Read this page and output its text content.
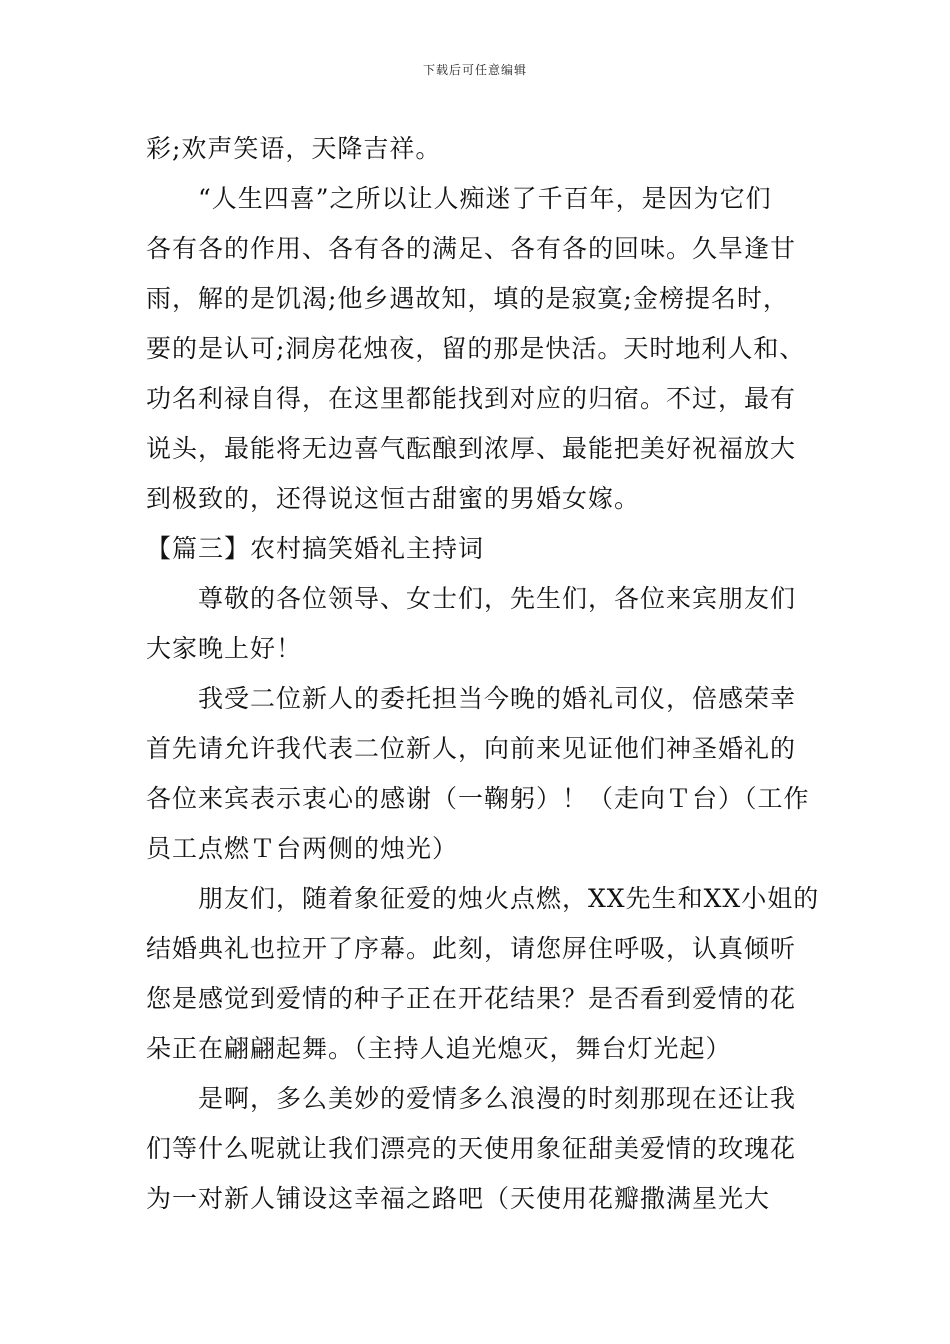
下载后可任意编辑
彩;欢声笑语，天降吉祥。
“人生四喜”之所以让人痴迷了千百年，是因为它们
各有各的作用、各有各的满足、各有各的回味。久旱逢甘
雨，解的是饥渴;他乡遇故知，填的是寂寞;金榜提名时，
要的是认可;洞房花烛夜，留的那是快活。天时地利人和、
功名利禄自得，在这里都能找到对应的归宿。不过，最有
说头，最能将无边喜气酝酿到浓厚、最能把美好祝福放大
到极致的，还得说这恒古甜蜜的男婚女嫁。
【篇三】农村搞笑婚礼主持词
尊敬的各位领导、女士们，先生们，各位来宾朋友们
大家晚上好！
我受二位新人的委托担当今晚的婚礼司仪，倍感荣幸
首先请允许我代表二位新人，向前来见证他们神圣婚礼的
各位来宾表示衷心的感谢（一鞠躬）！（走向Ｔ台）（工作
员工点燃Ｔ台两侧的烛光）
朋友们，随着象征爱的烛火点燃，XX先生和XX小姐的
结婚典礼也拉开了序幕。此刻，请您屏住呼吸，认真倾听
您是感觉到爱情的种子正在开花结果？是否看到爱情的花
朵正在翩翩起舞。（主持人追光熄灭，舞台灯光起）
是啊，多么美妙的爱情多么浪漫的时刻那现在还让我
们等什么呢就让我们漂亮的天使用象征甜美爱情的玫瑰花
为一对新人铺设这幸福之路吧（天使用花瓣撒满星光大
